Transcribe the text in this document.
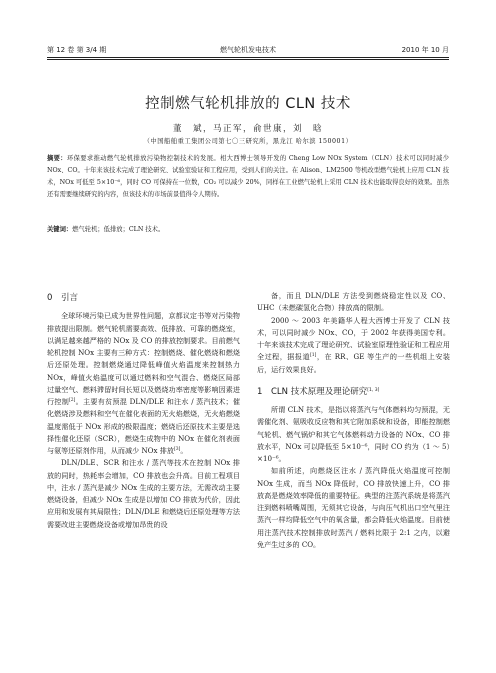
第 12 卷 第 3/4 期	燃气轮机发电技术	2010 年 10 月
控制燃气轮机排放的 CLN 技术
董　斌，马正军，俞世康，刘　晗
（中国船舶重工集团公司第七〇三研究所，黑龙江 哈尔滨 150001）

摘要：环保要求推动燃气轮机排放污染物控制技术的发展。相大西博士领导开发的 Cheng Low NOx System（CLN）技术可以同时减少 NOx、CO。十年来该技术完成了理论研究、试验室验证和工程应用，受到人们的关注。在 Alison、LM2500 等机改型燃气轮机上应用 CLN 技术，NOx 可低至 5×10⁻⁶，同时 CO 可保持在一位数，CO₂ 可以减少 20%，同样在工业燃气轮机上采用 CLN 技术也能取得良好的效果。虽然还有需要继续研究的内容，但该技术的市场前景值得令人期待。

关键词：燃气轮机；低排放；CLN 技术。

0 引言

全球环境污染已成为世界性问题，京都议定书等对污染物排放提出限制。燃气轮机需要高效、低排放、可靠的燃烧室，以满足越来越严格的 NOx 及 CO 的排放控制要求。目前燃气轮机控制 NOx 主要有三种方式：控制燃烧、催化燃烧和燃烧后还原处理。控制燃烧通过降低峰值火焰温度来控制热力 NOx，峰值火焰温度可以通过燃料和空气混合、燃烧区局部过量空气、燃料滞留时间长短以及燃烧功率密度等影响因素进行控制[2]。主要有贫预混 DLN/DLE 和注水 / 蒸汽技术；催化燃烧涉及燃料和空气在催化表面的无火焰燃烧，无火焰燃烧温度需低于 NOx 形成的极限温度；燃烧后还原技术主要是选择性催化还原（SCR），燃烧生成物中的 NOx 在催化剂表面与氨等还原剂作用，从而减少 NOx 排放[3]。

DLN/DLE、SCR 和注水 / 蒸汽等技术在控制 NOx 排放的同时，热耗率会增加，CO 排放也会升高。目前工程项目中，注水 / 蒸汽是减少 NOx 生成的主要方法，无需改动主要燃烧设备，但减少 NOx 生成是以增加 CO 排放为代价，因此应用和发展有其局限性；DLN/DLE 和燃烧后还原处理等方法需要改进主要燃烧设备或增加昂贵的设

备，而且 DLN/DLE 方法受到燃烧稳定性以及 CO、UHC（未燃碳氢化合物）排放高的限制。

2000 ～ 2003 年美籍华人程大西博士开发了 CLN 技术，可以同时减少 NOx、CO，于 2002 年获得美国专利。十年来该技术完成了理论研究、试验室原理性验证和工程应用全过程，据报道[1]，在 RR、GE 等生产的一些机组上安装后，运行效果良好。

1 CLN 技术原理及理论研究[1, 3]

所谓 CLN 技术，是指以将蒸汽与气体燃料均匀预混，无需催化剂、氨吸收反应物和其它附加系统和设备，即能控制燃气轮机、燃气锅炉和其它气体燃料动力设备的 NOx、CO 排放水平，NOx 可以降低至 5×10⁻⁶，同时 CO 约为（1 ～ 5）×10⁻⁶。

如前所述，向燃烧区注水 / 蒸汽降低火焰温度可控制 NOx 生成，而当 NOx 降低时，CO 排放快速上升，CO 排放高是燃烧效率降低的重要特征。典型的注蒸汽系统是将蒸汽注到燃料喷嘴周围，无须其它设备，与向压气机出口空气里注蒸汽一样均降低空气中的氧含量，都会降低火焰温度。目前使用注蒸汽技术控制排放时蒸汽 / 燃料比限于 2:1 之内，以避免产生过多的 CO。
